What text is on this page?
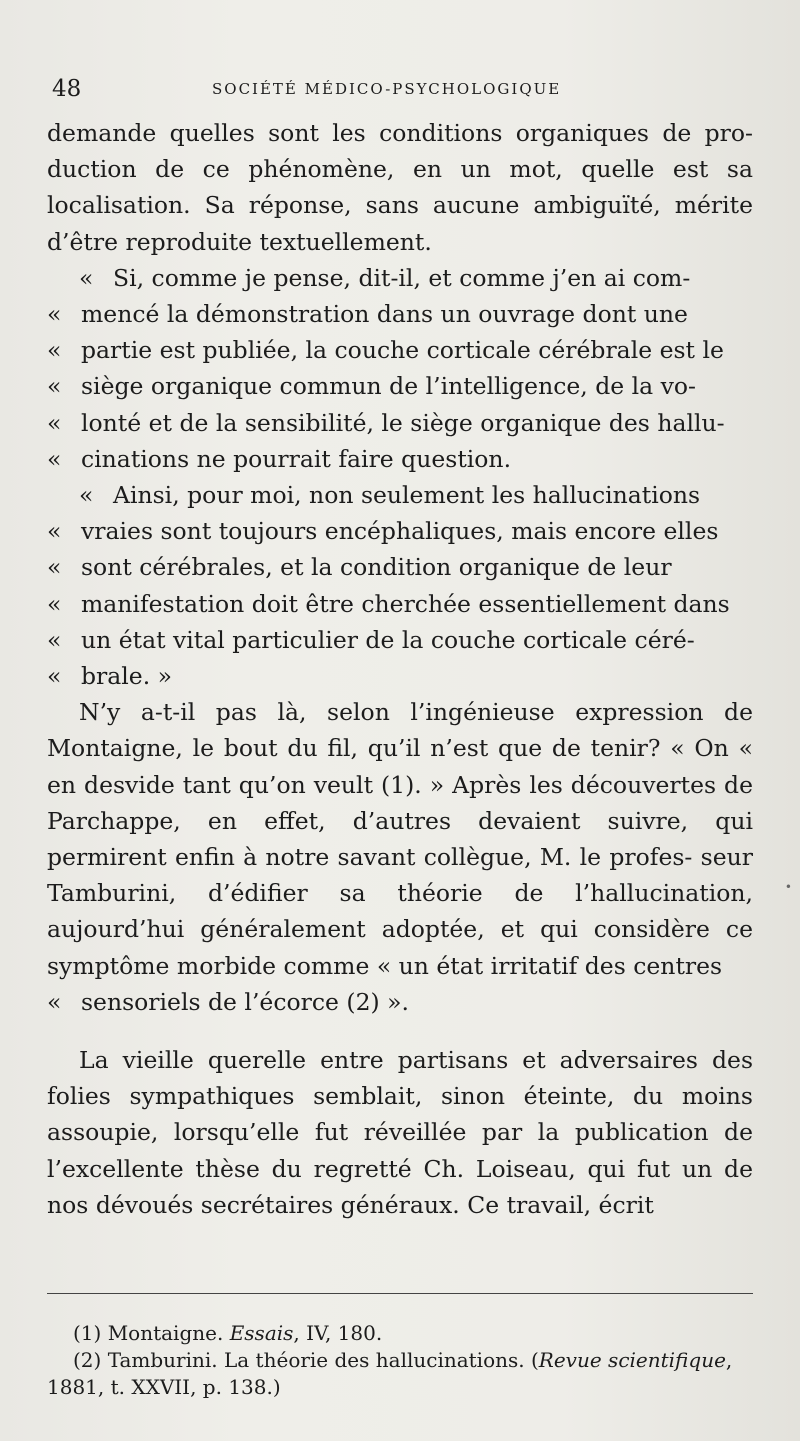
48	SOCIÉTÉ MÉDICO-PSYCHOLOGIQUE

demande quelles sont les conditions organiques de pro- duction de ce phénomène, en un mot, quelle est sa localisation. Sa réponse, sans aucune ambiguïté, mérite d’être reproduite textuellement.

« Si, comme je pense, dit-il, et comme j’en ai com-
« mencé la démonstration dans un ouvrage dont une
« partie est publiée, la couche corticale cérébrale est le
« siège organique commun de l’intelligence, de la vo-
« lonté et de la sensibilité, le siège organique des hallu-
« cinations ne pourrait faire question.
« Ainsi, pour moi, non seulement les hallucinations
« vraies sont toujours encéphaliques, mais encore elles
« sont cérébrales, et la condition organique de leur
« manifestation doit être cherchée essentiellement dans
« un état vital particulier de la couche corticale céré-
« brale. »

N’y a-t-il pas là, selon l’ingénieuse expression de Montaigne, le bout du fil, qu’il n’est que de tenir? « On « en desvide tant qu’on veult (1). » Après les découvertes de Parchappe, en effet, d’autres devaient suivre, qui permirent enfin à notre savant collègue, M. le profes- seur Tamburini, d’édifier sa théorie de l’hallucination, aujourd’hui généralement adoptée, et qui considère ce symptôme morbide comme « un état irritatif des centres
« sensoriels de l’écorce (2) ».

La vieille querelle entre partisans et adversaires des folies sympathiques semblait, sinon éteinte, du moins assoupie, lorsqu’elle fut réveillée par la publication de l’excellente thèse du regretté Ch. Loiseau, qui fut un de nos dévoués secrétaires généraux. Ce travail, écrit

(1) Montaigne. Essais, IV, 180.

(2) Tamburini. La théorie des hallucinations. (Revue scientifique,

1881, t. XXVII, p. 138.)

•
